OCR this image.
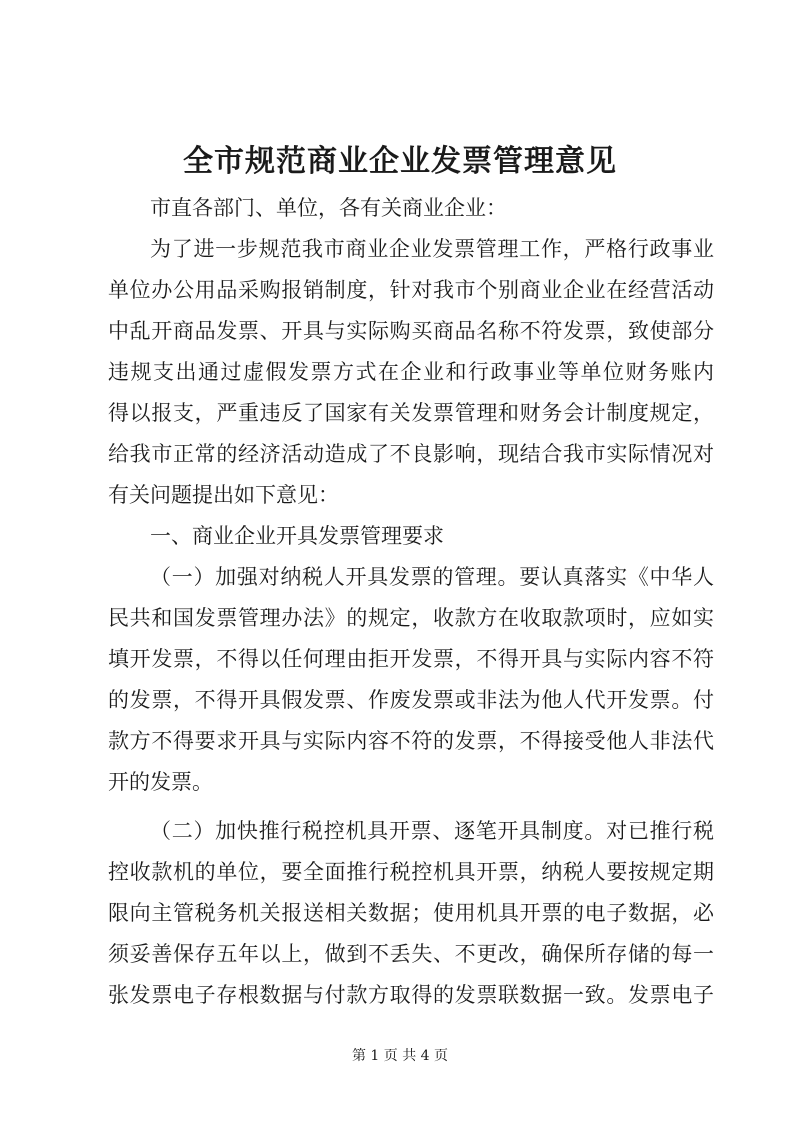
全市规范商业企业发票管理意见
市直各部门、单位，各有关商业企业：
为了进一步规范我市商业企业发票管理工作，严格行政事业
单位办公用品采购报销制度，针对我市个别商业企业在经营活动
中乱开商品发票、开具与实际购买商品名称不符发票，致使部分
违规支出通过虚假发票方式在企业和行政事业等单位财务账内
得以报支，严重违反了国家有关发票管理和财务会计制度规定，
给我市正常的经济活动造成了不良影响，现结合我市实际情况对
有关问题提出如下意见：
一、商业企业开具发票管理要求
（一）加强对纳税人开具发票的管理。要认真落实《中华人
民共和国发票管理办法》的规定，收款方在收取款项时，应如实
填开发票，不得以任何理由拒开发票，不得开具与实际内容不符
的发票，不得开具假发票、作废发票或非法为他人代开发票。付
款方不得要求开具与实际内容不符的发票，不得接受他人非法代
开的发票。
（二）加快推行税控机具开票、逐笔开具制度。对已推行税
控收款机的单位，要全面推行税控机具开票，纳税人要按规定期
限向主管税务机关报送相关数据；使用机具开票的电子数据，必
须妥善保存五年以上，做到不丢失、不更改，确保所存储的每一
张发票电子存根数据与付款方取得的发票联数据一致。发票电子
第 1 页 共 4 页
